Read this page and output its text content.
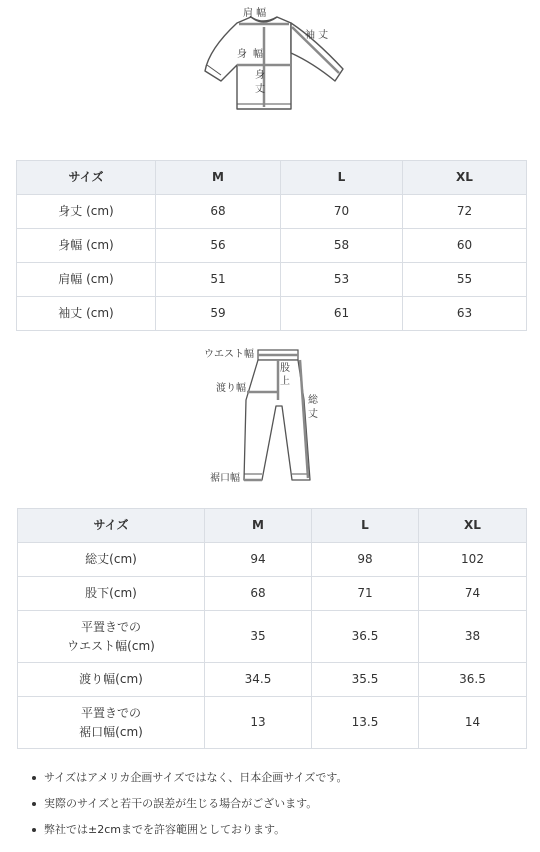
肩 幅
袖 丈
身 幅
身
丈
サイズ	M	L	XL
身丈 (cm)	68	70	72
身幅 (cm)	56	58	60
肩幅 (cm)	51	53	55
袖丈 (cm)	59	61	63
ウエスト幅
渡り幅
裾口幅
股
上
総
丈
サイズ	M	L	XL

総丈(cm)	94	98	102

股下(cm)	68	71	74

平置きでの
ウエスト幅(cm)	35	36.5	38

渡り幅(cm)	34.5	35.5	36.5

平置きでの
裾口幅(cm)	13	13.5	14
サイズはアメリカ企画サイズではなく、日本企画サイズです。
実際のサイズと若干の誤差が生じる場合がございます。
弊社では±2cmまでを許容範囲としております。
